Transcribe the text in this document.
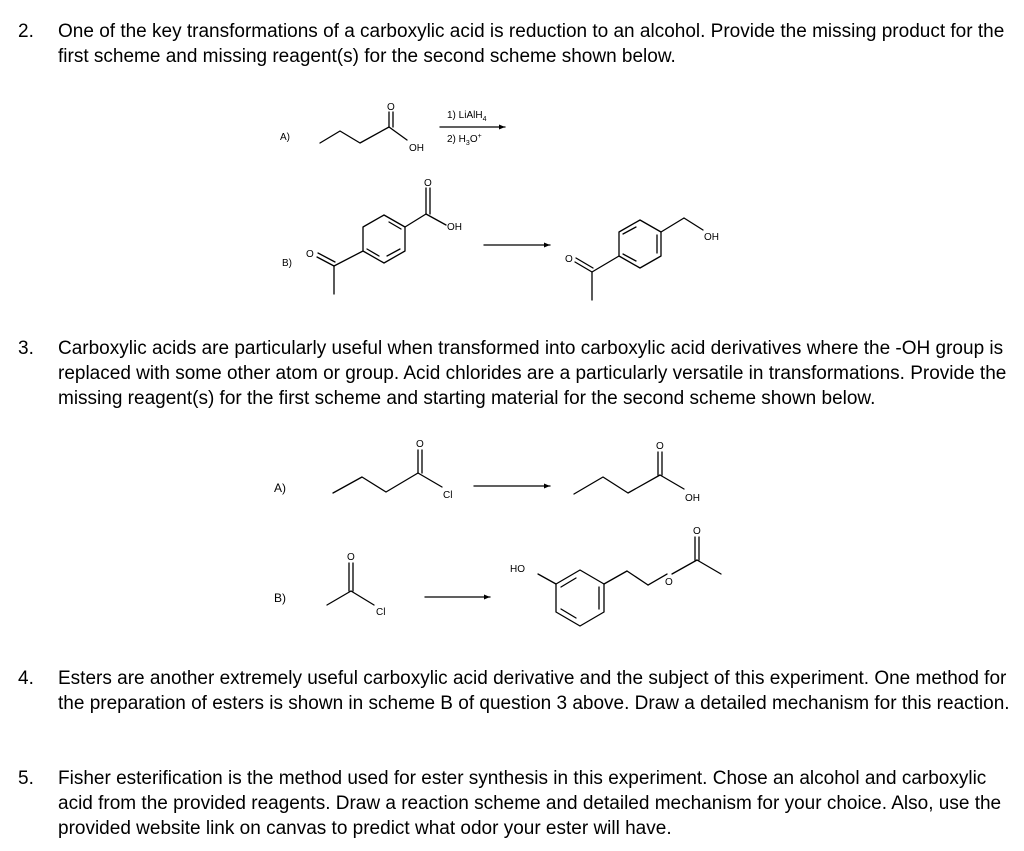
2. One of the key transformations of a carboxylic acid is reduction to an alcohol. Provide the missing product for the first scheme and missing reagent(s) for the second scheme shown below.
3. Carboxylic acids are particularly useful when transformed into carboxylic acid derivatives where the -OH group is replaced with some other atom or group. Acid chlorides are a particularly versatile in transformations. Provide the missing reagent(s) for the first scheme and starting material for the second scheme shown below.
4. Esters are another extremely useful carboxylic acid derivative and the subject of this experiment. One method for the preparation of esters is shown in scheme B of question 3 above. Draw a detailed mechanism for this reaction.
5. Fisher esterification is the method used for ester synthesis in this experiment. Chose an alcohol and carboxylic acid from the provided reagents. Draw a reaction scheme and detailed mechanism for your choice. Also, use the provided website link on canvas to predict what odor your ester will have.
A)
O
OH
1) LiAlH$_4$
2) $H_3O^+$
B)
O
OH
O
OH
O
A)
O
Cl
O
OH
B)
O
Cl
HO
O
O
